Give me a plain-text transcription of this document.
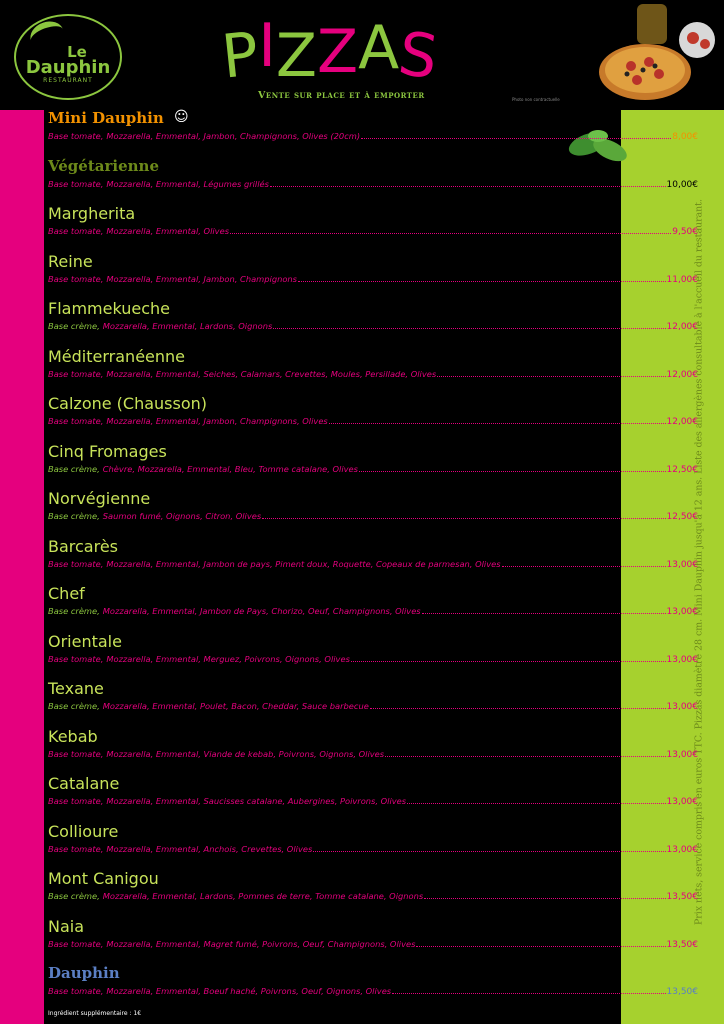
Le
Dauphin
RESTAURANT P
I Z Z A
S
Vente sur place et à emporter	Photo non contractuelle
Prix nets, service compris en euros TTC. Pizzas diamètre 28 cm. Mini Dauphin jusqu'à 12 ans. Liste des allergènes consultable à l'accueil du restaurant.
Mini Dauphin ☺
Base tomate, Mozzarella, Emmental, Jambon, Champignons, Olives (20cm)	8,00€
Végétarienne
Base tomate, Mozzarella, Emmental, Légumes grillés	10,00€
Margherita
Base tomate, Mozzarella, Emmental, Olives	9,50€
Reine
Base tomate, Mozzarella, Emmental, Jambon, Champignons	11,00€
Flammekueche
Base crème, Mozzarella, Emmental, Lardons, Oignons	12,00€
Méditerranéenne
Base tomate, Mozzarella, Emmental, Seiches, Calamars, Crevettes, Moules, Persillade, Olives	12,00€
Calzone (Chausson)
Base tomate, Mozzarella, Emmental, Jambon, Champignons, Olives	12,00€
Cinq Fromages
Base crème, Chèvre, Mozzarella, Emmental, Bleu, Tomme catalane, Olives	12,50€
Norvégienne
Base crème, Saumon fumé, Oignons, Citron, Olives	12,50€
Barcarès
Base tomate, Mozzarella, Emmental, Jambon de pays, Piment doux, Roquette, Copeaux de parmesan, Olives	13,00€
Chef
Base crème, Mozzarella, Emmental, Jambon de Pays, Chorizo, Oeuf, Champignons, Olives	13,00€
Orientale
Base tomate, Mozzarella, Emmental, Merguez, Poivrons, Oignons, Olives	13,00€
Texane
Base crème, Mozzarella, Emmental, Poulet, Bacon, Cheddar, Sauce barbecue	13,00€
Kebab
Base tomate, Mozzarella, Emmental, Viande de kebab, Poivrons, Oignons, Olives	13,00€
Catalane
Base tomate, Mozzarella, Emmental, Saucisses catalane, Aubergines, Poivrons, Olives	13,00€
Collioure
Base tomate, Mozzarella, Emmental, Anchois, Crevettes, Olives	13,00€
Mont Canigou
Base crème, Mozzarella, Emmental, Lardons, Pommes de terre, Tomme catalane, Oignons	13,50€
Naia
Base tomate, Mozzarella, Emmental, Magret fumé, Poivrons, Oeuf, Champignons, Olives	13,50€
Dauphin
Base tomate, Mozzarella, Emmental, Boeuf haché, Poivrons, Oeuf, Oignons, Olives	13,50€
Ingrédient supplémentaire : 1€
